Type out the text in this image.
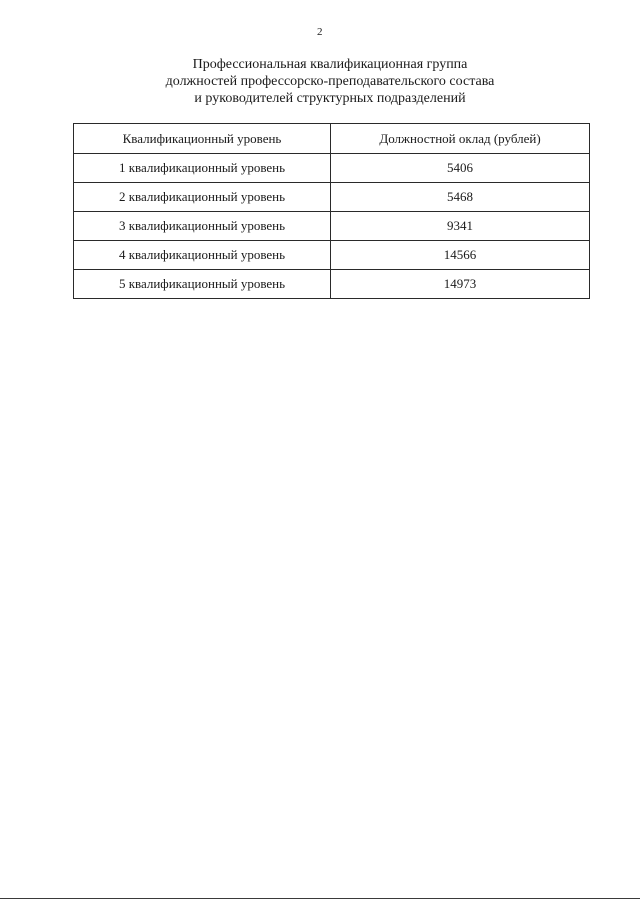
2
Профессиональная квалификационная группа
должностей профессорско-преподавательского состава
и руководителей структурных подразделений
Квалификационный уровень	Должностной оклад (рублей)
1 квалификационный уровень	5406
2 квалификационный уровень	5468
3 квалификационный уровень	9341
4 квалификационный уровень	14566
5 квалификационный уровень	14973
